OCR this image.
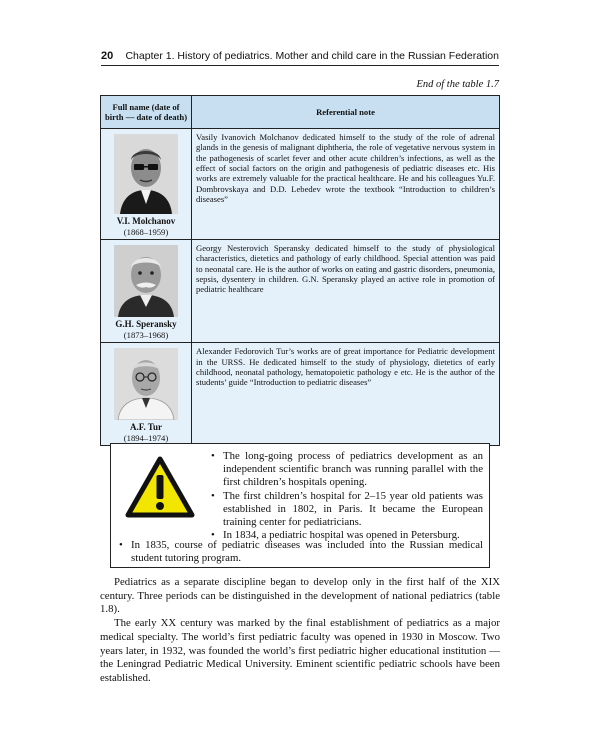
20 Chapter 1. History of pediatrics. Mother and child care in the Russian Federation
End of the table 1.7
Full name (date of birth — date of death)	Referential note

V.I. Molchanov
(1868–1959)	Vasily Ivanovich Molchanov dedicated himself to the study of the role of adrenal glands in the genesis of malignant diphtheria, the role of vegetative nervous system in the pathogenesis of scarlet fever and other acute children’s infections, as well as the effect of social factors on the origin and pathogenesis of pediatric diseases etc. His works are extremely valuable for the practical healthcare. He and his colleagues Yu.F. Dombrovskaya and D.D. Lebedev wrote the textbook “Introduction to children’s diseases”

G.H. Speransky
(1873–1968)	Georgy Nesterovich Speransky dedicated himself to the study of physiological characteristics, dietetics and pathology of early childhood. Special attention was paid to neonatal care. He is the author of works on eating and gastric disorders, pneumonia, sepsis, dysentery in children. G.N. Speransky played an active role in promotion of pediatric healthcare

A.F. Tur
(1894–1974)	Alexander Fedorovich Tur’s works are of great importance for Pediatric development in the URSS. He dedicated himself to the study of physiology, dietetics of early childhood, neonatal pathology, hematopoietic pathology e etc. He is the author of the students’ guide “Introduction to pediatric diseases”
• The long-going process of pediatrics development as an independent scientific branch was running parallel with the first children’s hospitals opening.
• The first children’s hospital for 2–15 year old patients was established in 1802, in Paris. It became the European training center for pediatricians.
• In 1834, a pediatric hospital was opened in Petersburg.
• In 1835, course of pediatric diseases was included into the Russian medical student tutoring program.

Pediatrics as a separate discipline began to develop only in the first half of the XIX century. Three periods can be distinguished in the development of national pediatrics (table 1.8).

The early XX century was marked by the final establishment of pediatrics as a major medical specialty. The world’s first pediatric faculty was opened in 1930 in Moscow. Two years later, in 1932, was founded the world’s first pediatric higher educational institution — the Leningrad Pediatric Medical University. Eminent scientific pediatric schools have been established.
